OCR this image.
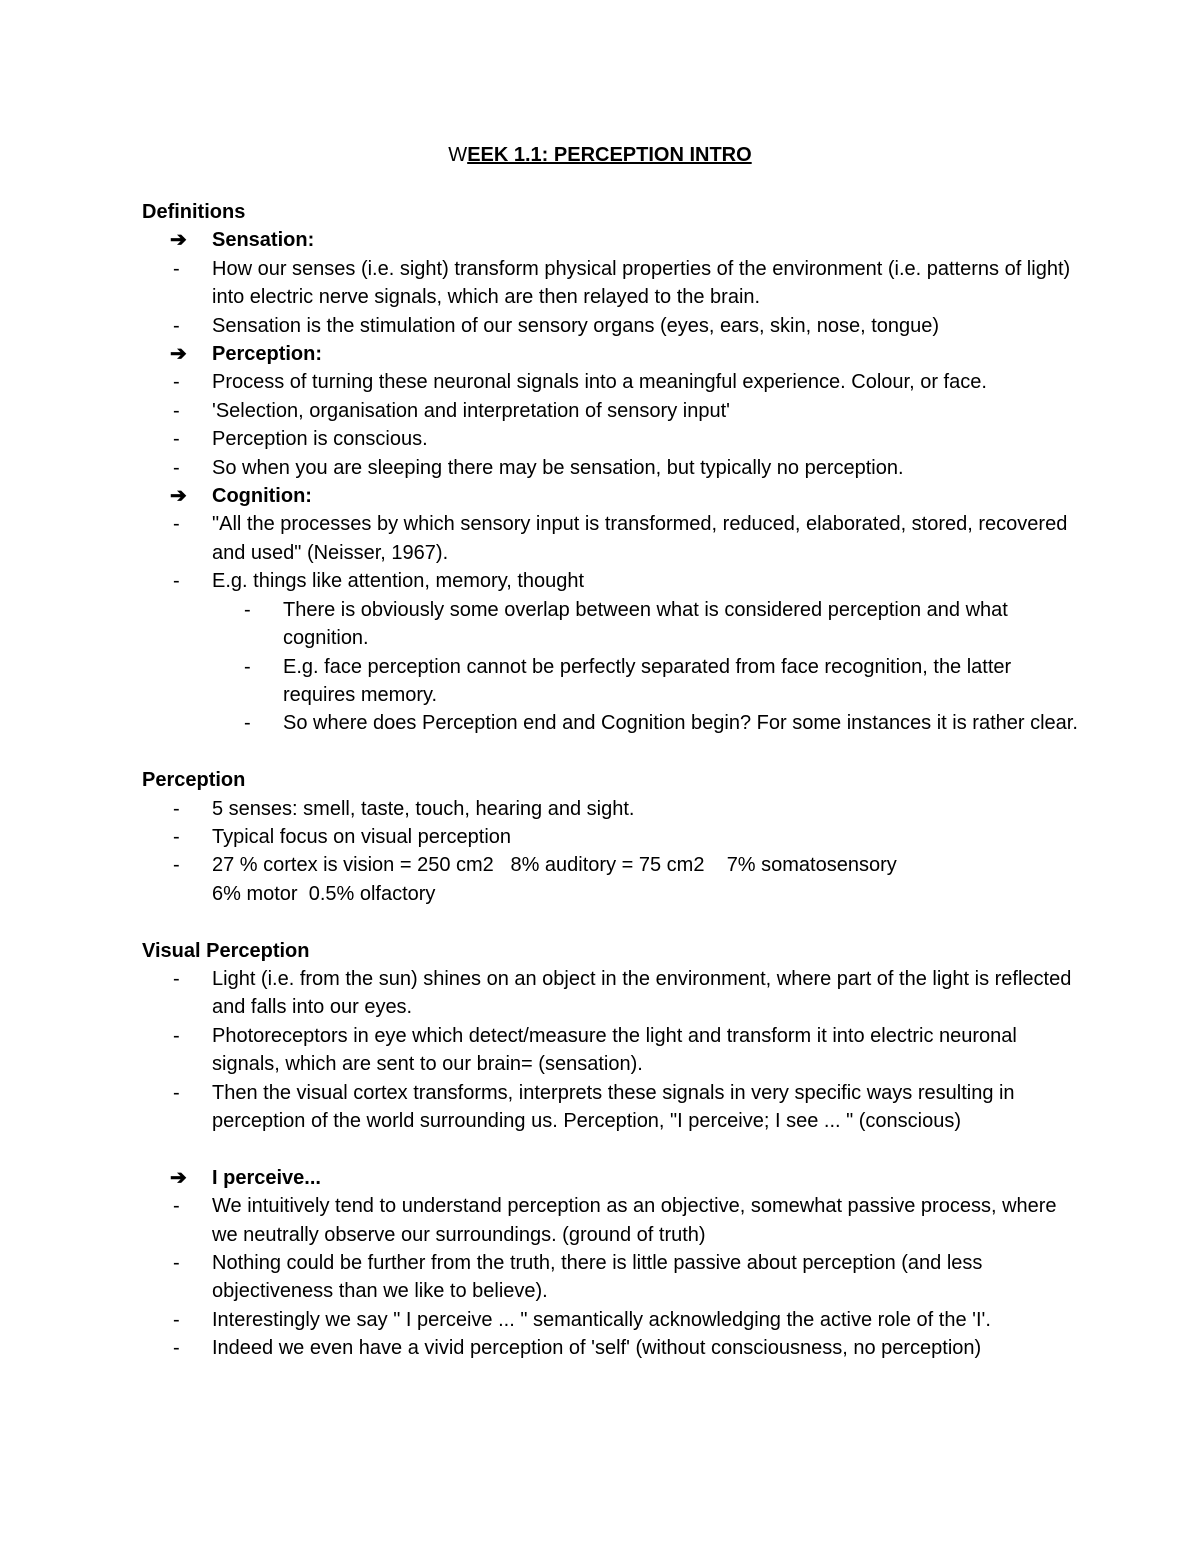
WEEK 1.1: PERCEPTION INTRO
Definitions
➔ Sensation:
- How our senses (i.e. sight) transform physical properties of the environment (i.e. patterns of light) into electric nerve signals, which are then relayed to the brain.
- Sensation is the stimulation of our sensory organs (eyes, ears, skin, nose, tongue)
➔ Perception:
- Process of turning these neuronal signals into a meaningful experience. Colour, or face.
- 'Selection, organisation and interpretation of sensory input'
- Perception is conscious.
- So when you are sleeping there may be sensation, but typically no perception.
➔ Cognition:
- "All the processes by which sensory input is transformed, reduced, elaborated, stored, recovered and used" (Neisser, 1967).
- E.g. things like attention, memory, thought
- There is obviously some overlap between what is considered perception and what cognition.
- E.g. face perception cannot be perfectly separated from face recognition, the latter requires memory.
- So where does Perception end and Cognition begin? For some instances it is rather clear.
Perception
- 5 senses: smell, taste, touch, hearing and sight.
- Typical focus on visual perception
- 27 % cortex is vision = 250 cm2   8% auditory = 75 cm2    7% somatosensory
6% motor  0.5% olfactory
Visual Perception
- Light (i.e. from the sun) shines on an object in the environment, where part of the light is reflected and falls into our eyes.
- Photoreceptors in eye which detect/measure the light and transform it into electric neuronal signals, which are sent to our brain= (sensation).
- Then the visual cortex transforms, interprets these signals in very specific ways resulting in perception of the world surrounding us. Perception, "I perceive; I see ... " (conscious)
➔ I perceive...
- We intuitively tend to understand perception as an objective, somewhat passive process, where we neutrally observe our surroundings. (ground of truth)
- Nothing could be further from the truth, there is little passive about perception (and less objectiveness than we like to believe).
- Interestingly we say " I perceive ... " semantically acknowledging the active role of the 'I'.
- Indeed we even have a vivid perception of 'self' (without consciousness, no perception)
